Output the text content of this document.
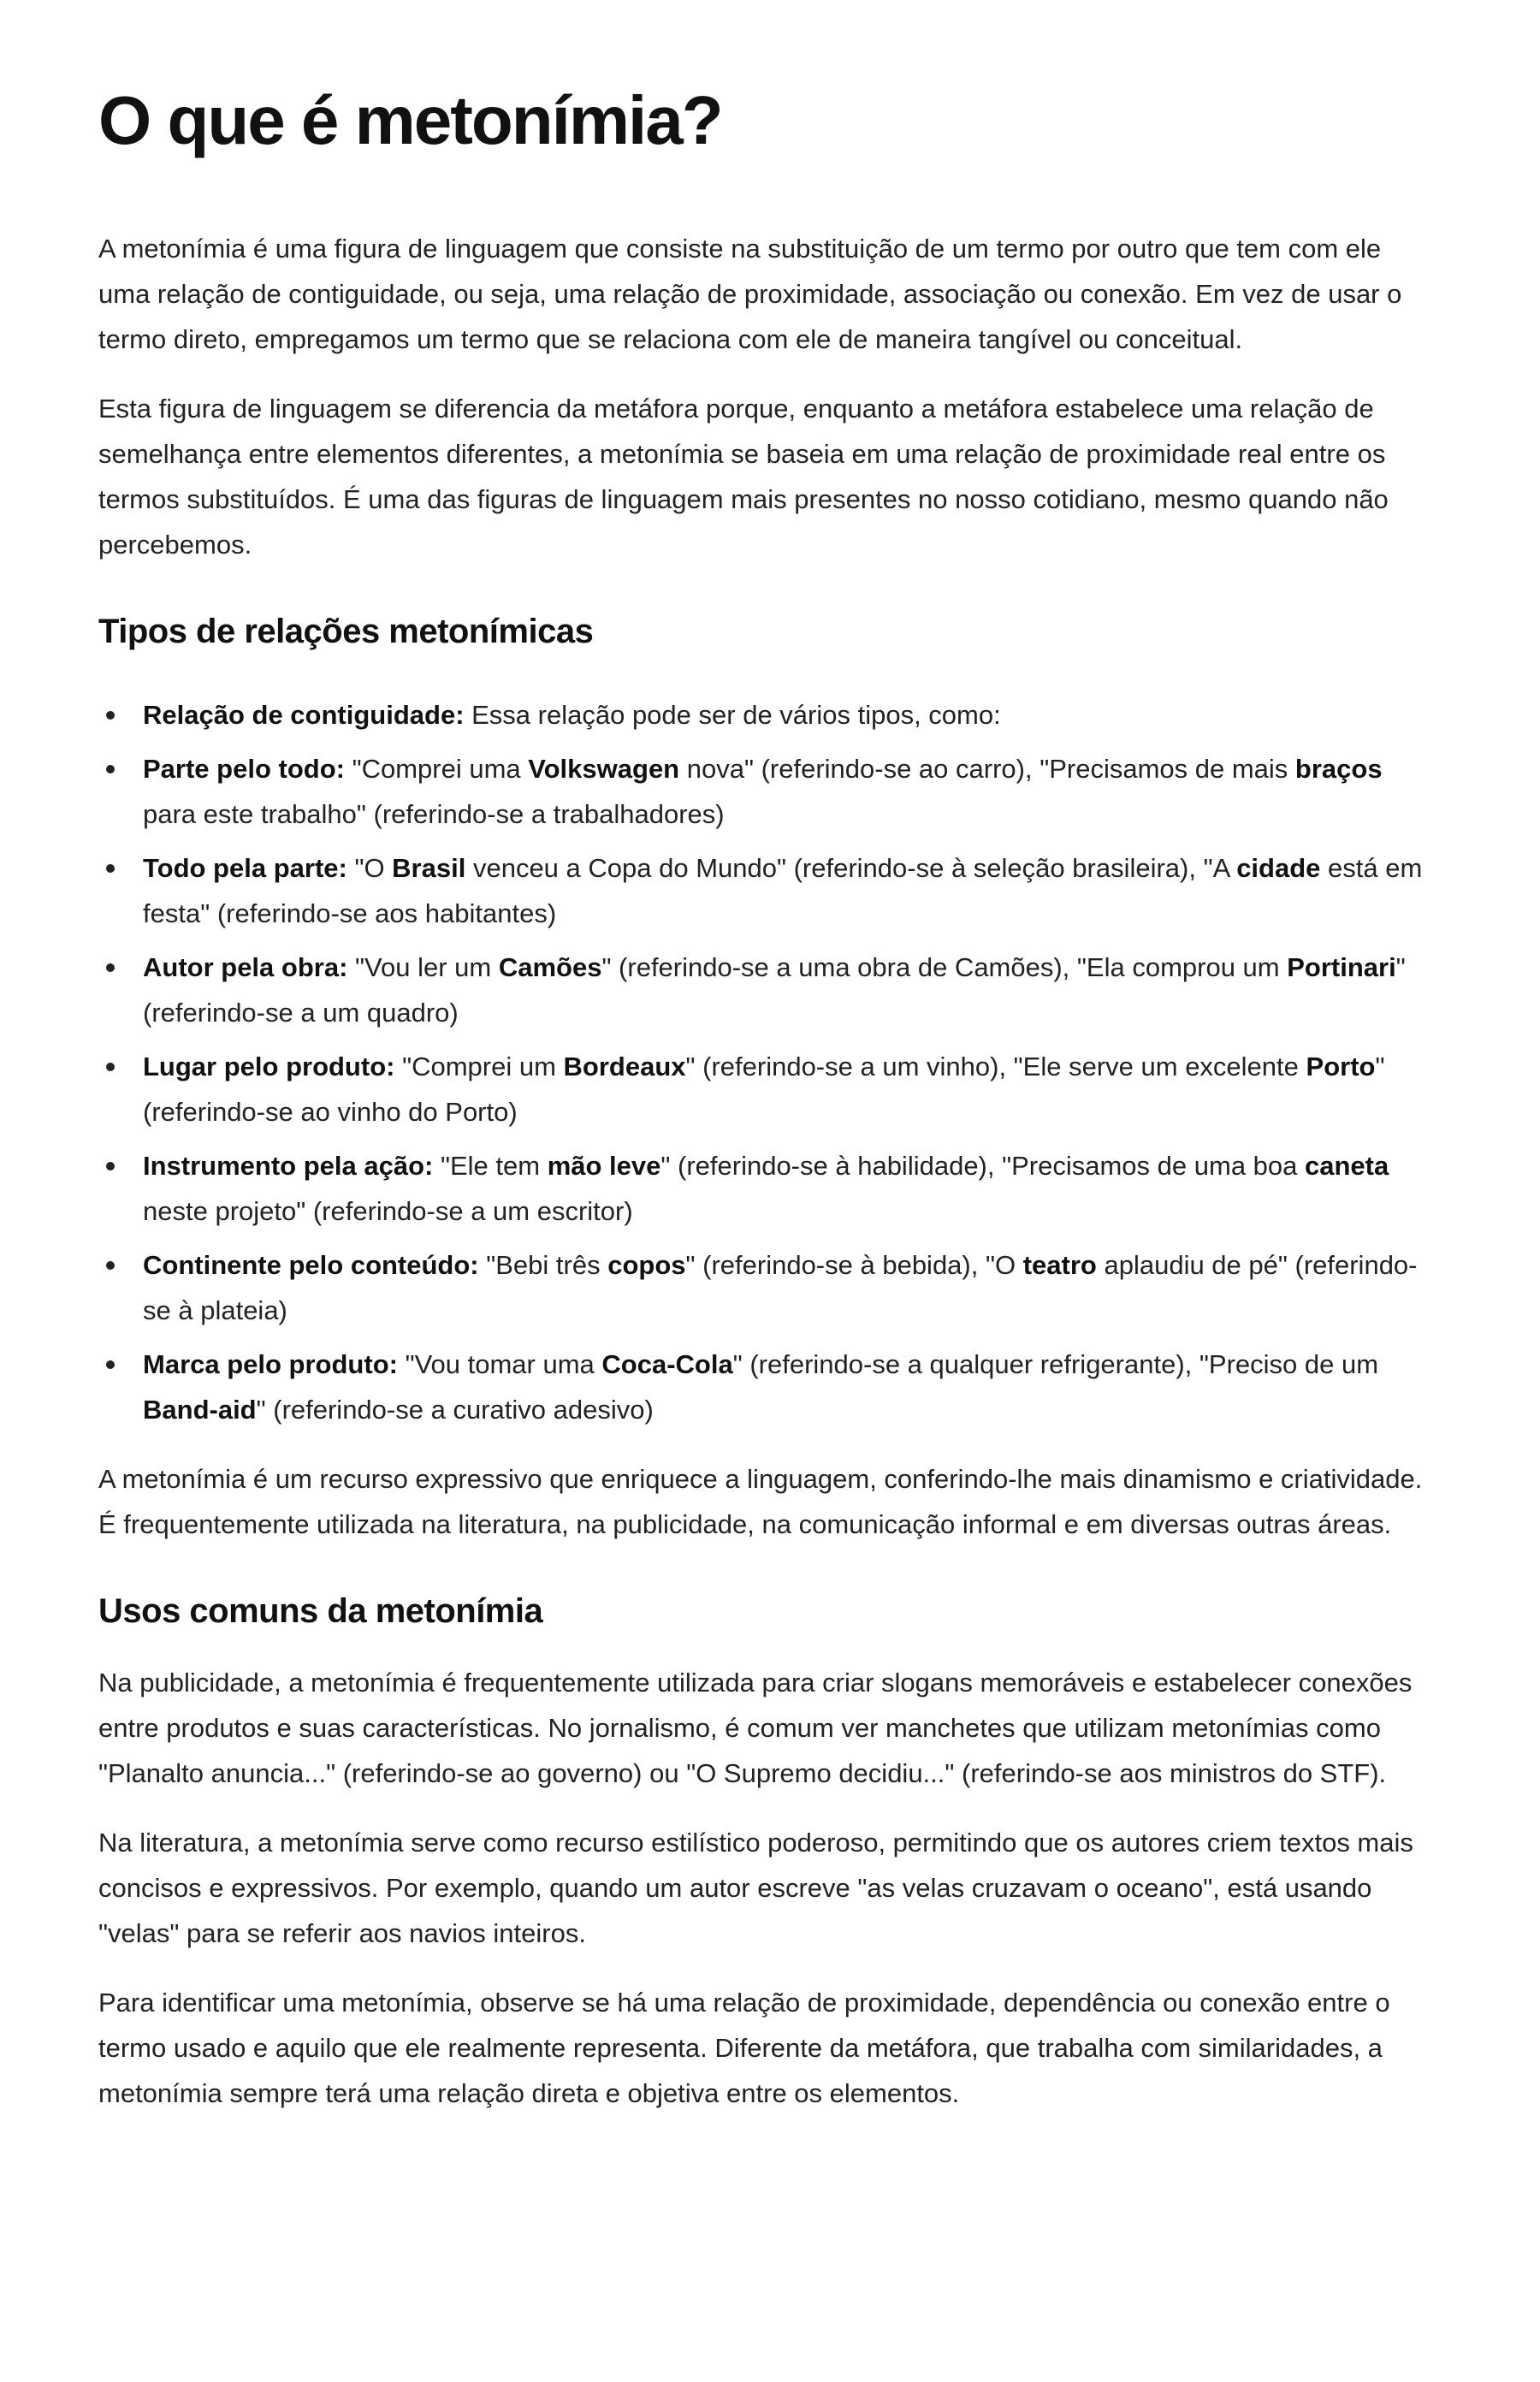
O que é metonímia?

A metonímia é uma figura de linguagem que consiste na substituição de um termo por outro que tem com ele uma relação de contiguidade, ou seja, uma relação de proximidade, associação ou conexão. Em vez de usar o termo direto, empregamos um termo que se relaciona com ele de maneira tangível ou conceitual.

Esta figura de linguagem se diferencia da metáfora porque, enquanto a metáfora estabelece uma relação de semelhança entre elementos diferentes, a metonímia se baseia em uma relação de proximidade real entre os termos substituídos. É uma das figuras de linguagem mais presentes no nosso cotidiano, mesmo quando não percebemos.

Tipos de relações metonímicas
Relação de contiguidade: Essa relação pode ser de vários tipos, como:
Parte pelo todo: "Comprei uma Volkswagen nova" (referindo-se ao carro), "Precisamos de mais braços para este trabalho" (referindo-se a trabalhadores)
Todo pela parte: "O Brasil venceu a Copa do Mundo" (referindo-se à seleção brasileira), "A cidade está em festa" (referindo-se aos habitantes)
Autor pela obra: "Vou ler um Camões" (referindo-se a uma obra de Camões), "Ela comprou um Portinari" (referindo-se a um quadro)
Lugar pelo produto: "Comprei um Bordeaux" (referindo-se a um vinho), "Ele serve um excelente Porto" (referindo-se ao vinho do Porto)
Instrumento pela ação: "Ele tem mão leve" (referindo-se à habilidade), "Precisamos de uma boa caneta neste projeto" (referindo-se a um escritor)
Continente pelo conteúdo: "Bebi três copos" (referindo-se à bebida), "O teatro aplaudiu de pé" (referindo-se à plateia)
Marca pelo produto: "Vou tomar uma Coca-Cola" (referindo-se a qualquer refrigerante), "Preciso de um Band-aid" (referindo-se a curativo adesivo)

A metonímia é um recurso expressivo que enriquece a linguagem, conferindo-lhe mais dinamismo e criatividade. É frequentemente utilizada na literatura, na publicidade, na comunicação informal e em diversas outras áreas.

Usos comuns da metonímia

Na publicidade, a metonímia é frequentemente utilizada para criar slogans memoráveis e estabelecer conexões entre produtos e suas características. No jornalismo, é comum ver manchetes que utilizam metonímias como "Planalto anuncia..." (referindo-se ao governo) ou "O Supremo decidiu..." (referindo-se aos ministros do STF).

Na literatura, a metonímia serve como recurso estilístico poderoso, permitindo que os autores criem textos mais concisos e expressivos. Por exemplo, quando um autor escreve "as velas cruzavam o oceano", está usando "velas" para se referir aos navios inteiros.

Para identificar uma metonímia, observe se há uma relação de proximidade, dependência ou conexão entre o termo usado e aquilo que ele realmente representa. Diferente da metáfora, que trabalha com similaridades, a metonímia sempre terá uma relação direta e objetiva entre os elementos.
